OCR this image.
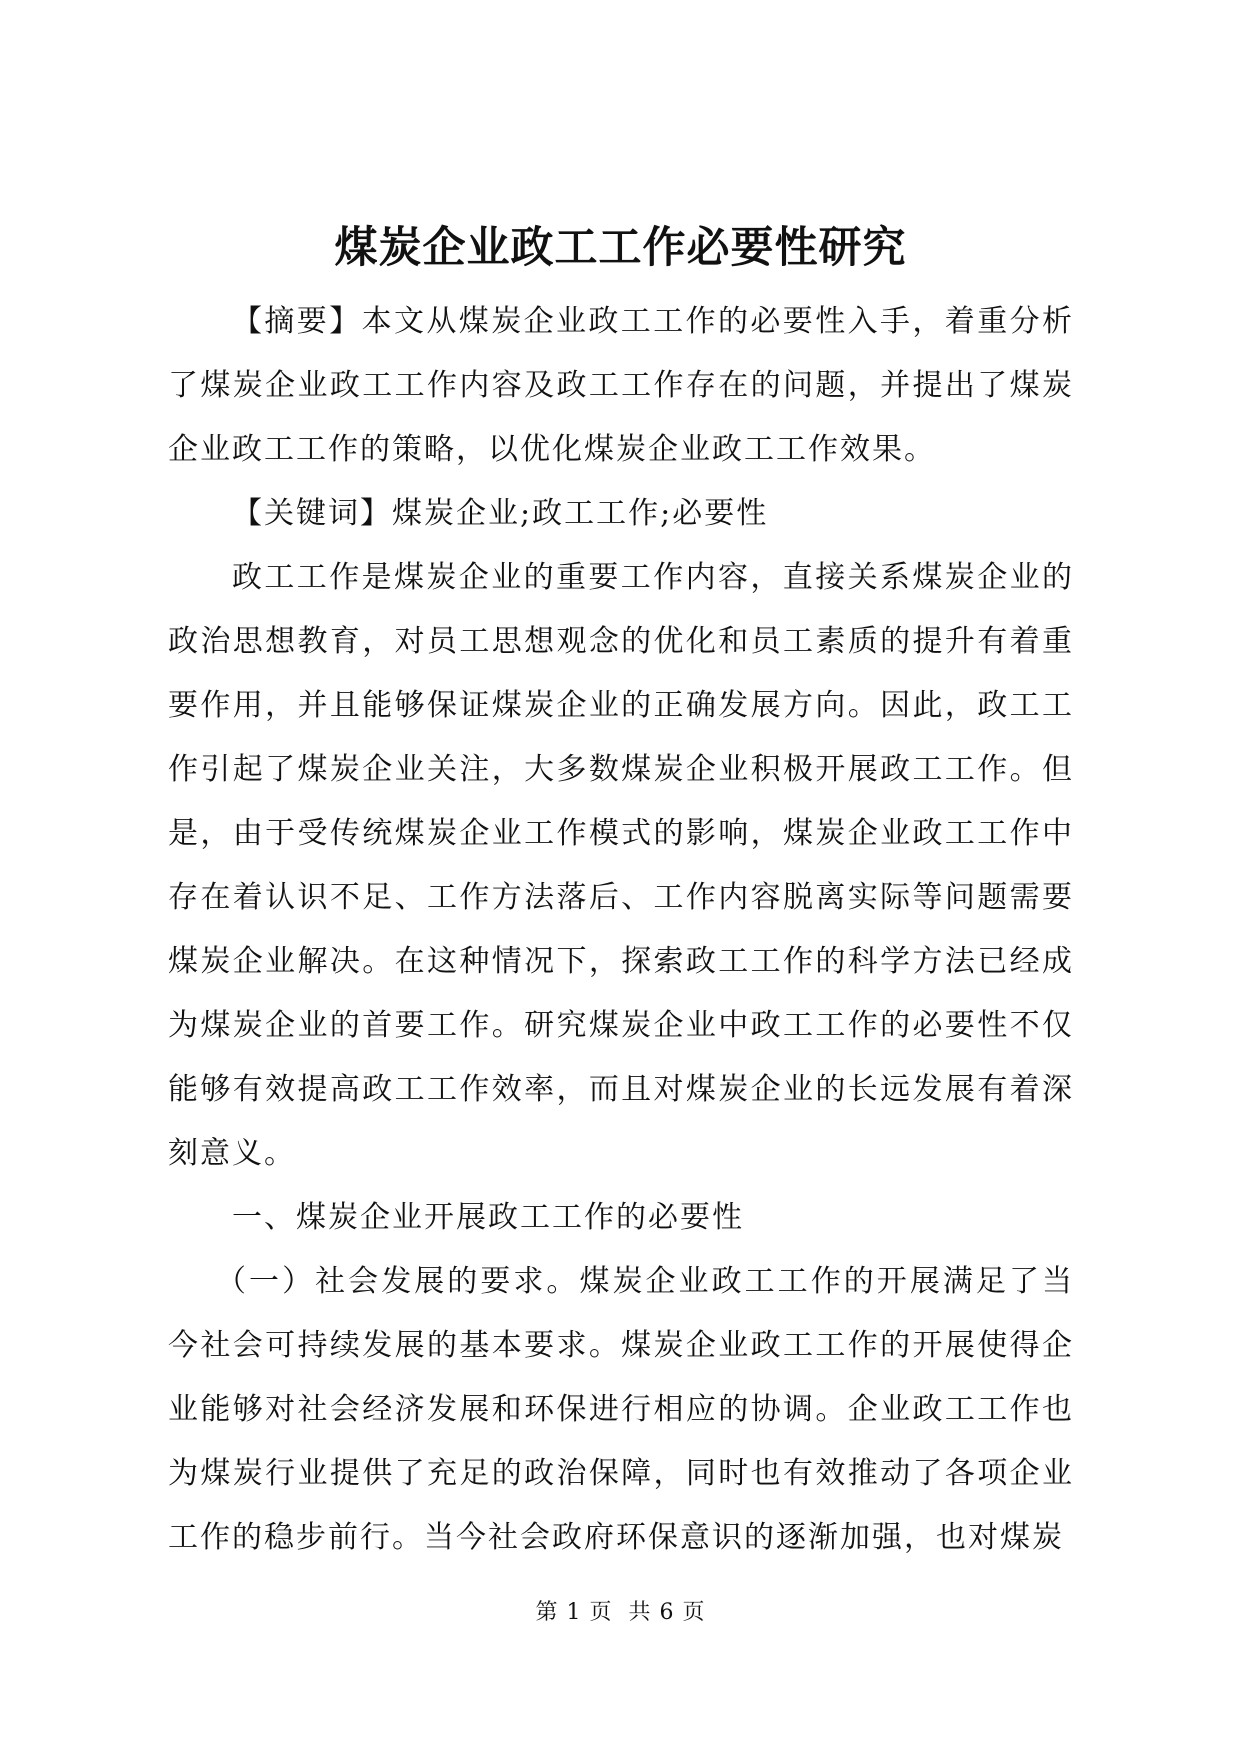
煤炭企业政工工作必要性研究

【摘要】本文从煤炭企业政工工作的必要性入手，着重分析了煤炭企业政工工作内容及政工工作存在的问题，并提出了煤炭企业政工工作的策略，以优化煤炭企业政工工作效果。

【关键词】煤炭企业;政工工作;必要性

政工工作是煤炭企业的重要工作内容，直接关系煤炭企业的政治思想教育，对员工思想观念的优化和员工素质的提升有着重要作用，并且能够保证煤炭企业的正确发展方向。因此，政工工作引起了煤炭企业关注，大多数煤炭企业积极开展政工工作。但是，由于受传统煤炭企业工作模式的影响，煤炭企业政工工作中存在着认识不足、工作方法落后、工作内容脱离实际等问题需要煤炭企业解决。在这种情况下，探索政工工作的科学方法已经成为煤炭企业的首要工作。研究煤炭企业中政工工作的必要性不仅能够有效提高政工工作效率，而且对煤炭企业的长远发展有着深刻意义。

一、煤炭企业开展政工工作的必要性

（一）社会发展的要求。煤炭企业政工工作的开展满足了当今社会可持续发展的基本要求。煤炭企业政工工作的开展使得企业能够对社会经济发展和环保进行相应的协调。企业政工工作也为煤炭行业提供了充足的政治保障，同时也有效推动了各项企业工作的稳步前行。当今社会政府环保意识的逐渐加强，也对煤炭

第 1 页  共 6 页
